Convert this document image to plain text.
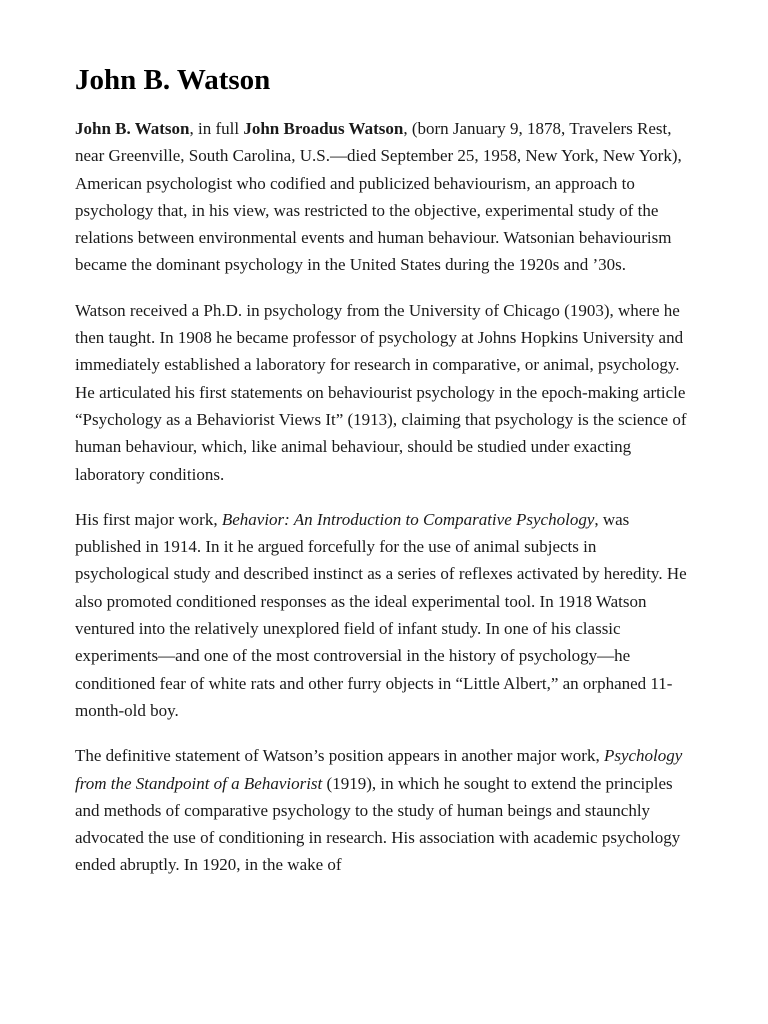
John B. Watson

John B. Watson, in full John Broadus Watson, (born January 9, 1878, Travelers Rest, near Greenville, South Carolina, U.S.—died September 25, 1958, New York, New York), American psychologist who codified and publicized behaviourism, an approach to psychology that, in his view, was restricted to the objective, experimental study of the relations between environmental events and human behaviour. Watsonian behaviourism became the dominant psychology in the United States during the 1920s and ’30s.

Watson received a Ph.D. in psychology from the University of Chicago (1903), where he then taught. In 1908 he became professor of psychology at Johns Hopkins University and immediately established a laboratory for research in comparative, or animal, psychology. He articulated his first statements on behaviourist psychology in the epoch-making article “Psychology as a Behaviorist Views It” (1913), claiming that psychology is the science of human behaviour, which, like animal behaviour, should be studied under exacting laboratory conditions.

His first major work, Behavior: An Introduction to Comparative Psychology, was published in 1914. In it he argued forcefully for the use of animal subjects in psychological study and described instinct as a series of reflexes activated by heredity. He also promoted conditioned responses as the ideal experimental tool. In 1918 Watson ventured into the relatively unexplored field of infant study. In one of his classic experiments—and one of the most controversial in the history of psychology—he conditioned fear of white rats and other furry objects in “Little Albert,” an orphaned 11-month-old boy.

The definitive statement of Watson’s position appears in another major work, Psychology from the Standpoint of a Behaviorist (1919), in which he sought to extend the principles and methods of comparative psychology to the study of human beings and staunchly advocated the use of conditioning in research. His association with academic psychology ended abruptly. In 1920, in the wake of
